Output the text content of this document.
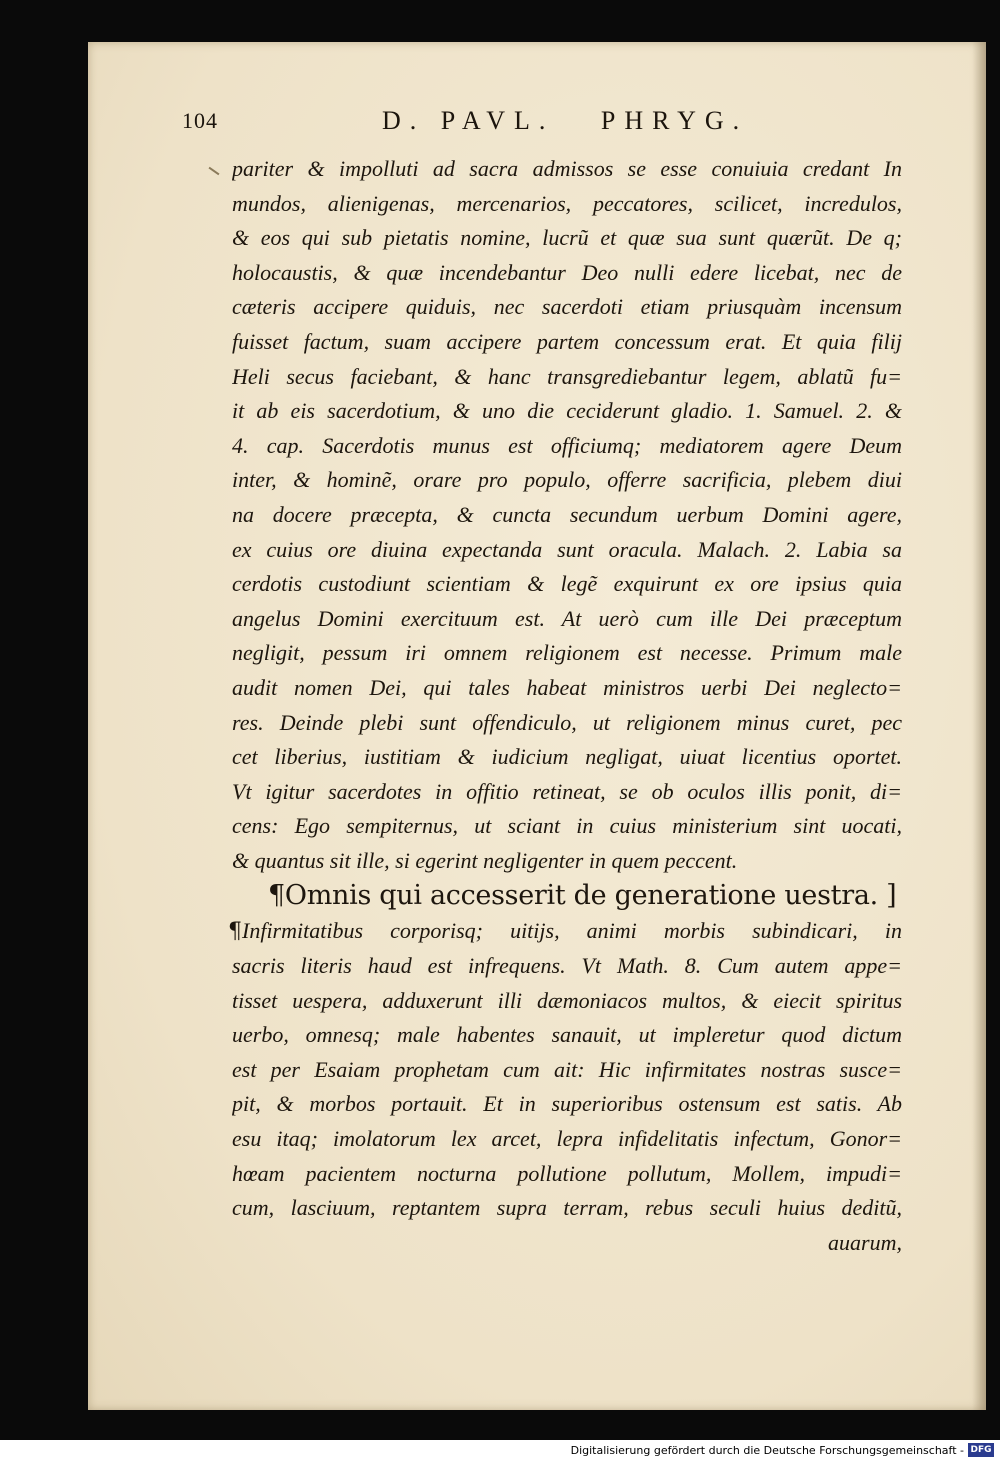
104	D. PAVL.   PHRYG.
pariter & impolluti ad sacra admissos se esse conuiuia credant In
mundos, alienigenas, mercenarios, peccatores, scilicet, incredulos,
& eos qui sub pietatis nomine, lucrũ et quæ sua sunt quærũt. De q;
holocaustis, & quæ incendebantur Deo nulli edere licebat, nec de
cæteris accipere quiduis, nec sacerdoti etiam priusquàm incensum
fuisset factum, suam accipere partem concessum erat. Et quia filij
Heli secus faciebant, & hanc transgrediebantur legem, ablatũ fu=
it ab eis sacerdotium, & uno die ceciderunt gladio. 1. Samuel. 2. &
4. cap. Sacerdotis munus est officiumq; mediatorem agere Deum
inter, & hominẽ, orare pro populo, offerre sacrificia, plebem diui
na docere præcepta, & cuncta secundum uerbum Domini agere,
ex cuius ore diuina expectanda sunt oracula. Malach. 2. Labia sa
cerdotis custodiunt scientiam & legẽ exquirunt ex ore ipsius quia
angelus Domini exercituum est. At uerò cum ille Dei præceptum
negligit, pessum iri omnem religionem est necesse. Primum male
audit nomen Dei, qui tales habeat ministros uerbi Dei neglecto=
res. Deinde plebi sunt offendiculo, ut religionem minus curet, pec
cet liberius, iustitiam & iudicium negligat, uiuat licentius oportet.
Vt igitur sacerdotes in offitio retineat, se ob oculos illis ponit, di=
cens: Ego sempiternus, ut sciant in cuius ministerium sint uocati,
& quantus sit ille, si egerint negligenter in quem peccent.
¶Omnis qui accesserit de generatione uestra. ]
¶Infirmitatibus corporisq; uitijs, animi morbis subindicari, in
sacris literis haud est infrequens. Vt Math. 8. Cum autem appe=
tisset uespera, adduxerunt illi dæmoniacos multos, & eiecit spiritus
uerbo, omnesq; male habentes sanauit, ut impleretur quod dictum
est per Esaiam prophetam cum ait: Hic infirmitates nostras susce=
pit, & morbos portauit. Et in superioribus ostensum est satis. Ab
esu itaq; imolatorum lex arcet, lepra infidelitatis infectum, Gonor=
hœam pacientem nocturna pollutione pollutum, Mollem, impudi=
cum, lasciuum, reptantem supra terram, rebus seculi huius deditũ,
auarum,
Digitalisierung gefördert durch die Deutsche Forschungsgemeinschaft - DFG
